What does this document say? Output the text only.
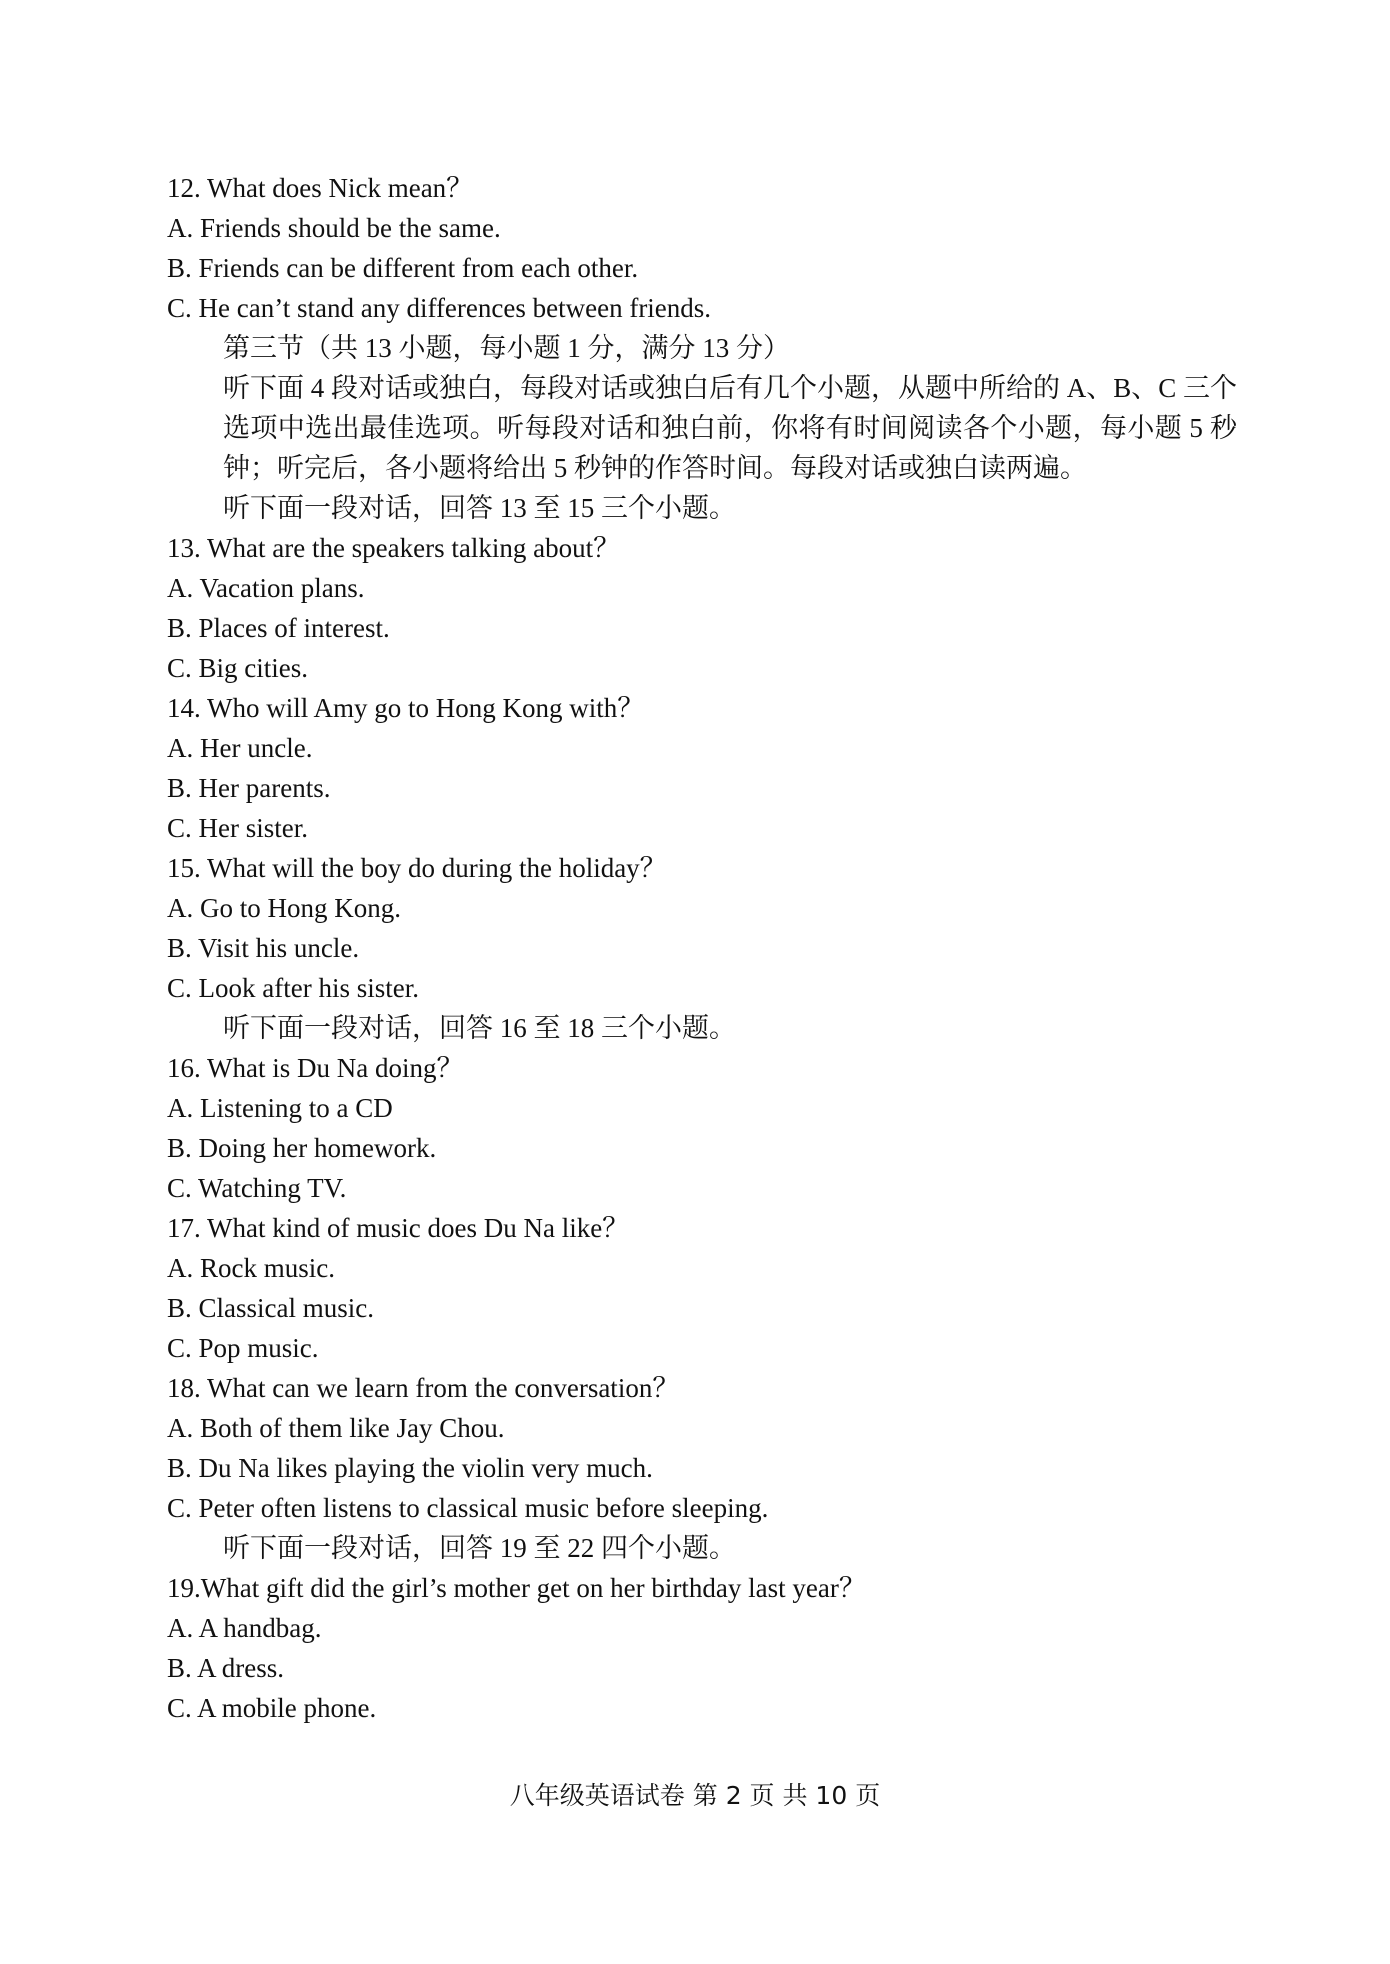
12. What does Nick mean？

A. Friends should be the same.

B. Friends can be different from each other.

C. He can’t stand any differences between friends.

第三节（共 13 小题，每小题 1 分，满分 13 分）

听下面 4 段对话或独白，每段对话或独白后有几个小题，从题中所给的 A、B、C 三个选项中选出最佳选项。听每段对话和独白前，你将有时间阅读各个小题，每小题 5 秒钟；听完后，各小题将给出 5 秒钟的作答时间。每段对话或独白读两遍。

听下面一段对话，回答 13 至 15 三个小题。

13. What are the speakers talking about？

A. Vacation plans.

B. Places of interest.

C. Big cities.

14. Who will Amy go to Hong Kong with？

A. Her uncle.

B. Her parents.

C. Her sister.

15. What will the boy do during the holiday？

A. Go to Hong Kong.

B. Visit his uncle.

C. Look after his sister.

听下面一段对话，回答 16 至 18 三个小题。

16. What is Du Na doing？

A. Listening to a CD

B. Doing her homework.

C. Watching TV.

17. What kind of music does Du Na like？

A. Rock music.

B. Classical music.

C. Pop music.

18. What can we learn from the conversation？

A. Both of them like Jay Chou.

B. Du Na likes playing the violin very much.

C. Peter often listens to classical music before sleeping.

听下面一段对话，回答 19 至 22 四个小题。

19.What gift did the girl’s mother get on her birthday last year？

A. A handbag.

B. A dress.

C. A mobile phone.

八年级英语试卷 第 2 页 共 10 页
